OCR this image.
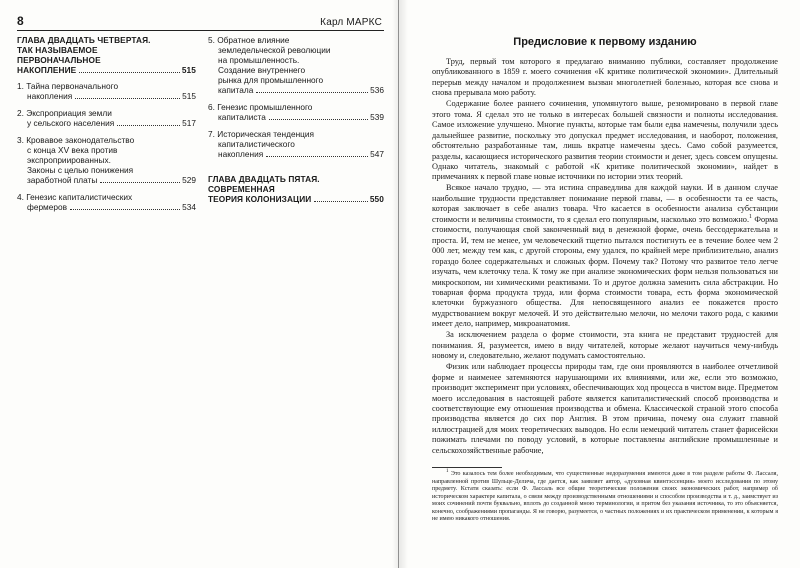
8	Карл МАРКС
ГЛАВА ДВАДЦАТЬ ЧЕТВЕРТАЯ.
ТАК НАЗЫВАЕМОЕ
ПЕРВОНАЧАЛЬНОЕ
НАКОПЛЕНИЕ	515
1. Тайна первоначального
накопления	515
2. Экспроприация земли
у сельского населения	517
3. Кровавое законодательство
с конца XV века против
экспроприированных.
Законы с целью понижения
заработной платы	529
4. Генезис капиталистических
фермеров	534
5. Обратное влияние
земледельческой революции
на промышленность.
Создание внутреннего
рынка для промышленного
капитала	536
6. Генезис промышленного
капиталиста	539
7. Историческая тенденция
капиталистического
накопления	547
ГЛАВА ДВАДЦАТЬ ПЯТАЯ.
СОВРЕМЕННАЯ
ТЕОРИЯ КОЛОНИЗАЦИИ	550
Предисловие к первому изданию

Труд, первый том которого я предлагаю вниманию публики, составляет продолжение опубликованного в 1859 г. моего сочинения «К критике политической экономии». Длительный перерыв между началом и продолжением вызван многолетней болезнью, которая все снова и снова прерывала мою работу.

Содержание более раннего сочинения, упомянутого выше, резюмировано в первой главе этого тома. Я сделал это не только в интересах большей связности и полноты исследования. Самое изложение улучшено. Многие пункты, которые там были едва намечены, получили здесь дальнейшее развитие, поскольку это допускал предмет исследования, и наоборот, положения, обстоятельно разработанные там, лишь вкратце намечены здесь. Само собой разумеется, разделы, касающиеся исторического развития теории стоимости и денег, здесь совсем опущены. Однако читатель, знакомый с работой «К критике политической экономии», найдет в примечаниях к первой главе новые источники по истории этих теорий.

Всякое начало трудно, — эта истина справедлива для каждой науки. И в данном случае наибольшие трудности представляет понимание первой главы, — в особенности та ее часть, которая заключает в себе анализ товара. Что касается в особенности анализа субстанции стоимости и величины стоимости, то я сделал его популярным, насколько это возможно.$^1$ Форма стоимости, получающая свой законченный вид в денежной форме, очень бессодержательна и проста. И, тем не менее, ум человеческий тщетно пытался постигнуть ее в течение более чем 2 000 лет, между тем как, с другой стороны, ему удался, по крайней мере приблизительно, анализ гораздо более содержательных и сложных форм. Почему так? Потому что развитое тело легче изучать, чем клеточку тела. К тому же при анализе экономических форм нельзя пользоваться ни микроскопом, ни химическими реактивами. То и другое должна заменить сила абстракции. Но товарная форма продукта труда, или форма стоимости товара, есть форма экономической клеточки буржуазного общества. Для непосвященного анализ ее покажется просто мудрствованием вокруг мелочей. И это действительно мелочи, но мелочи такого рода, с какими имеет дело, например, микроанатомия.

За исключением раздела о форме стоимости, эта книга не представит трудностей для понимания. Я, разумеется, имею в виду читателей, которые желают научиться чему-нибудь новому и, следовательно, желают подумать самостоятельно.

Физик или наблюдает процессы природы там, где они проявляются в наиболее отчетливой форме и наименее затемняются нарушающими их влияниями, или же, если это возможно, производит эксперимент при условиях, обеспечивающих ход процесса в чистом виде. Предметом моего исследования в настоящей работе является капиталистический способ производства и соответствующие ему отношения производства и обмена. Классической страной этого способа производства является до сих пор Англия. В этом причина, почему она служит главной иллюстрацией для моих теоретических выводов. Но если немецкий читатель станет фарисейски пожимать плечами по поводу условий, в которые поставлены английские промышленные и сельскохозяйственные рабочие,

$^1$ Это казалось тем более необходимым, что существенные недоразумения имеются даже в том разделе работы Ф. Лассаля, направленной против Шульце-Делича, где дается, как заявляет автор, «духовная квинтэссенция» моего исследования по этому предмету. Кстати сказать: если Ф. Лассаль все общие теоретические положения своих экономических работ, например об историческом характере капитала, о связи между производственными отношениями и способом производства и т. д., заимствует из моих сочинений почти буквально, вплоть до созданной мною терминологии, и притом без указания источника, то это объясняется, конечно, соображениями пропаганды. Я не говорю, разумеется, о частных положениях и их практическом применении, к которым я не имею никакого отношения.
